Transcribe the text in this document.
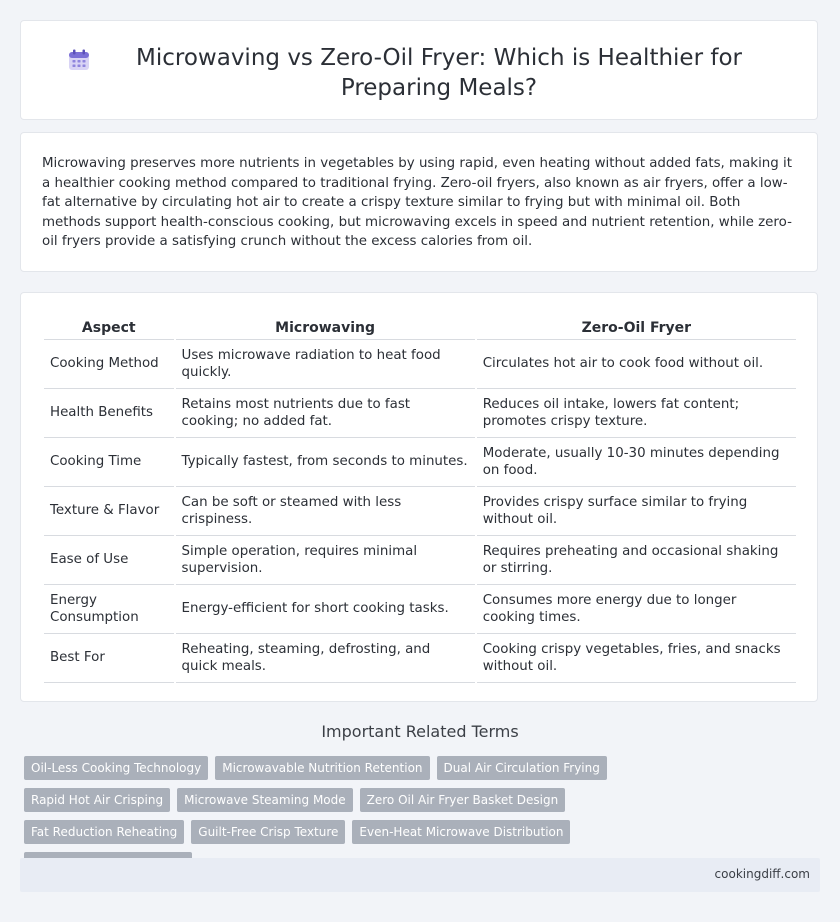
Microwaving vs Zero-Oil Fryer: Which is Healthier for Preparing Meals?

Microwaving preserves more nutrients in vegetables by using rapid, even heating without added fats, making it a healthier cooking method compared to traditional frying. Zero-oil fryers, also known as air fryers, offer a low-fat alternative by circulating hot air to create a crispy texture similar to frying but with minimal oil. Both methods support health-conscious cooking, but microwaving excels in speed and nutrient retention, while zero-oil fryers provide a satisfying crunch without the excess calories from oil.

Aspect	Microwaving	Zero-Oil Fryer
Cooking Method	Uses microwave radiation to heat food quickly.	Circulates hot air to cook food without oil.
Health Benefits	Retains most nutrients due to fast cooking; no added fat.	Reduces oil intake, lowers fat content; promotes crispy texture.
Cooking Time	Typically fastest, from seconds to minutes.	Moderate, usually 10-30 minutes depending on food.
Texture & Flavor	Can be soft or steamed with less crispiness.	Provides crispy surface similar to frying without oil.
Ease of Use	Simple operation, requires minimal supervision.	Requires preheating and occasional shaking or stirring.
Energy Consumption	Energy-efficient for short cooking tasks.	Consumes more energy due to longer cooking times.
Best For	Reheating, steaming, defrosting, and quick meals.	Cooking crispy vegetables, fries, and snacks without oil.
Important Related Terms
Oil-Less Cooking Technology	Microwavable Nutrition Retention	Dual Air Circulation Frying
Rapid Hot Air Crisping	Microwave Steaming Mode	Zero Oil Air Fryer Basket Design
Fat Reduction Reheating	Guilt-Free Crisp Texture	Even-Heat Microwave Distribution
cookingdiff.com
